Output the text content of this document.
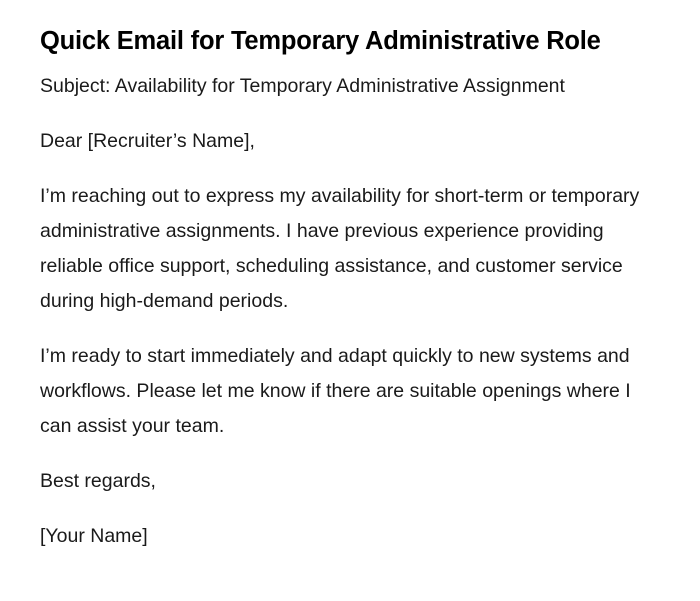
Quick Email for Temporary Administrative Role

Subject: Availability for Temporary Administrative Assignment

Dear [Recruiter’s Name],

I’m reaching out to express my availability for short-term or temporary administrative assignments. I have previous experience providing reliable office support, scheduling assistance, and customer service during high-demand periods.

I’m ready to start immediately and adapt quickly to new systems and workflows. Please let me know if there are suitable openings where I can assist your team.

Best regards,

[Your Name]
